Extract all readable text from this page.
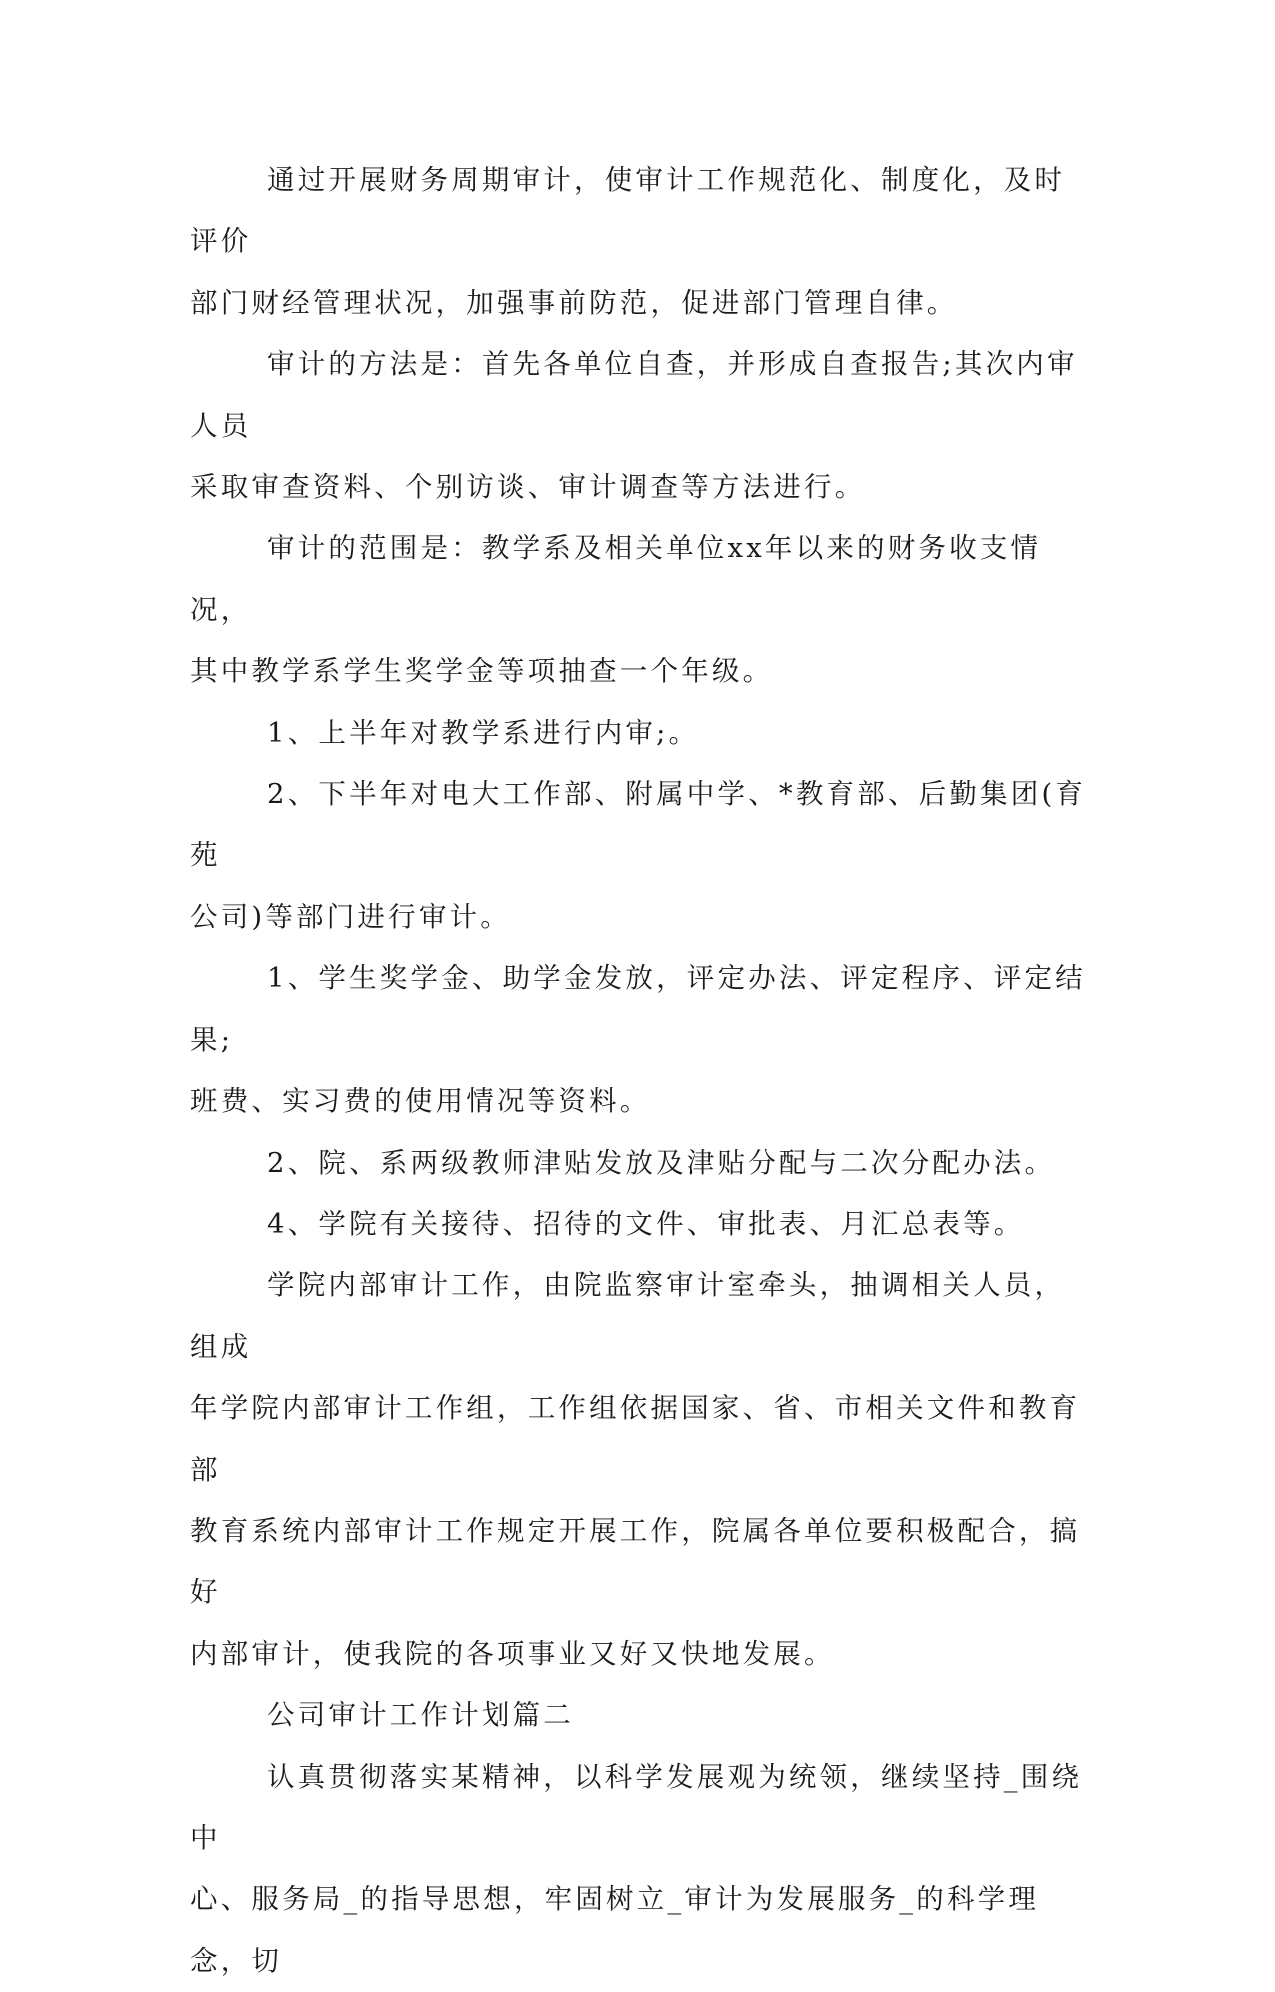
通过开展财务周期审计，使审计工作规范化、制度化，及时评价
部门财经管理状况，加强事前防范，促进部门管理自律。

审计的方法是：首先各单位自查，并形成自查报告;其次内审人员
采取审查资料、个别访谈、审计调查等方法进行。

审计的范围是：教学系及相关单位xx年以来的财务收支情况，
其中教学系学生奖学金等项抽查一个年级。

1、上半年对教学系进行内审;。

2、下半年对电大工作部、附属中学、*教育部、后勤集团(育苑
公司)等部门进行审计。

1、学生奖学金、助学金发放，评定办法、评定程序、评定结果;
班费、实习费的使用情况等资料。

2、院、系两级教师津贴发放及津贴分配与二次分配办法。

4、学院有关接待、招待的文件、审批表、月汇总表等。

学院内部审计工作，由院监察审计室牵头，抽调相关人员，组成
年学院内部审计工作组，工作组依据国家、省、市相关文件和教育部
教育系统内部审计工作规定开展工作，院属各单位要积极配合，搞好
内部审计，使我院的各项事业又好又快地发展。

公司审计工作计划篇二

认真贯彻落实某精神，以科学发展观为统领，继续坚持_围绕中
心、服务局_的指导思想，牢固树立_审计为发展服务_的科学理念，切
